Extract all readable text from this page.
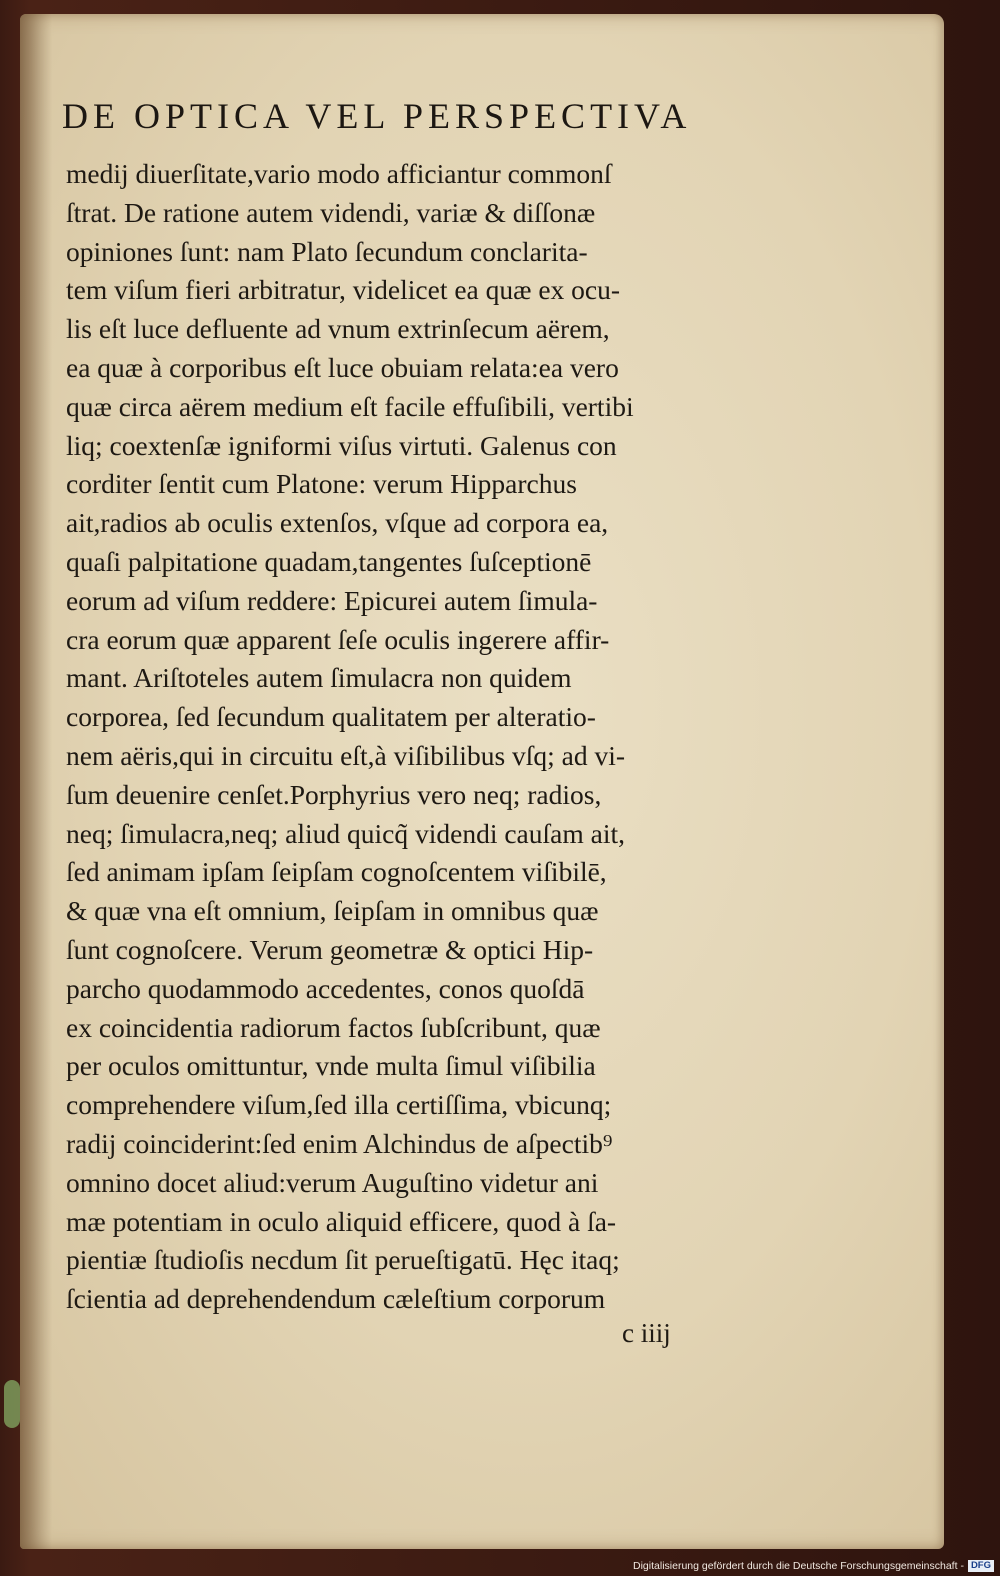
DE OPTICA VEL PERSPECTIVA
medij diuerſitate,vario modo afficiantur commonſ
ſtrat. De ratione autem videndi, variæ & diſſonæ
opiniones ſunt: nam Plato ſecundum conclarita-
tem viſum fieri arbitratur, videlicet ea quæ ex ocu-
lis eſt luce defluente ad vnum extrinſecum aërem,
ea quæ à corporibus eſt luce obuiam relata:ea vero
quæ circa aërem medium eſt facile effuſibili, vertibi
liq; coextenſæ igniformi viſus virtuti. Galenus con
corditer ſentit cum Platone: verum Hipparchus
ait,radios ab oculis extenſos, vſque ad corpora ea,
quaſi palpitatione quadam,tangentes ſuſceptionē
eorum ad viſum reddere: Epicurei autem ſimula-
cra eorum quæ apparent ſeſe oculis ingerere affir-
mant. Ariſtoteles autem ſimulacra non quidem
corporea, ſed ſecundum qualitatem per alteratio-
nem aëris,qui in circuitu eſt,à viſibilibus vſq; ad vi-
ſum deuenire cenſet.Porphyrius vero neq; radios,
neq; ſimulacra,neq; aliud quicq̃ videndi cauſam ait,
ſed animam ipſam ſeipſam cognoſcentem viſibilē,
& quæ vna eſt omnium, ſeipſam in omnibus quæ
ſunt cognoſcere. Verum geometræ & optici Hip-
parcho quodammodo accedentes, conos quoſdā
ex coincidentia radiorum factos ſubſcribunt, quæ
per oculos omittuntur, vnde multa ſimul viſibilia
comprehendere viſum,ſed illa certiſſima, vbicunq;
radij coinciderint:ſed enim Alchindus de aſpectib⁹
omnino docet aliud:verum Auguſtino videtur ani
mæ potentiam in oculo aliquid efficere, quod à ſa-
pientiæ ſtudioſis necdum ſit perueſtigatū. Hęc itaq;
ſcientia ad deprehendendum cæleſtium corporum
c iiij
Digitalisierung gefördert durch die Deutsche Forschungsgemeinschaft - DFG
